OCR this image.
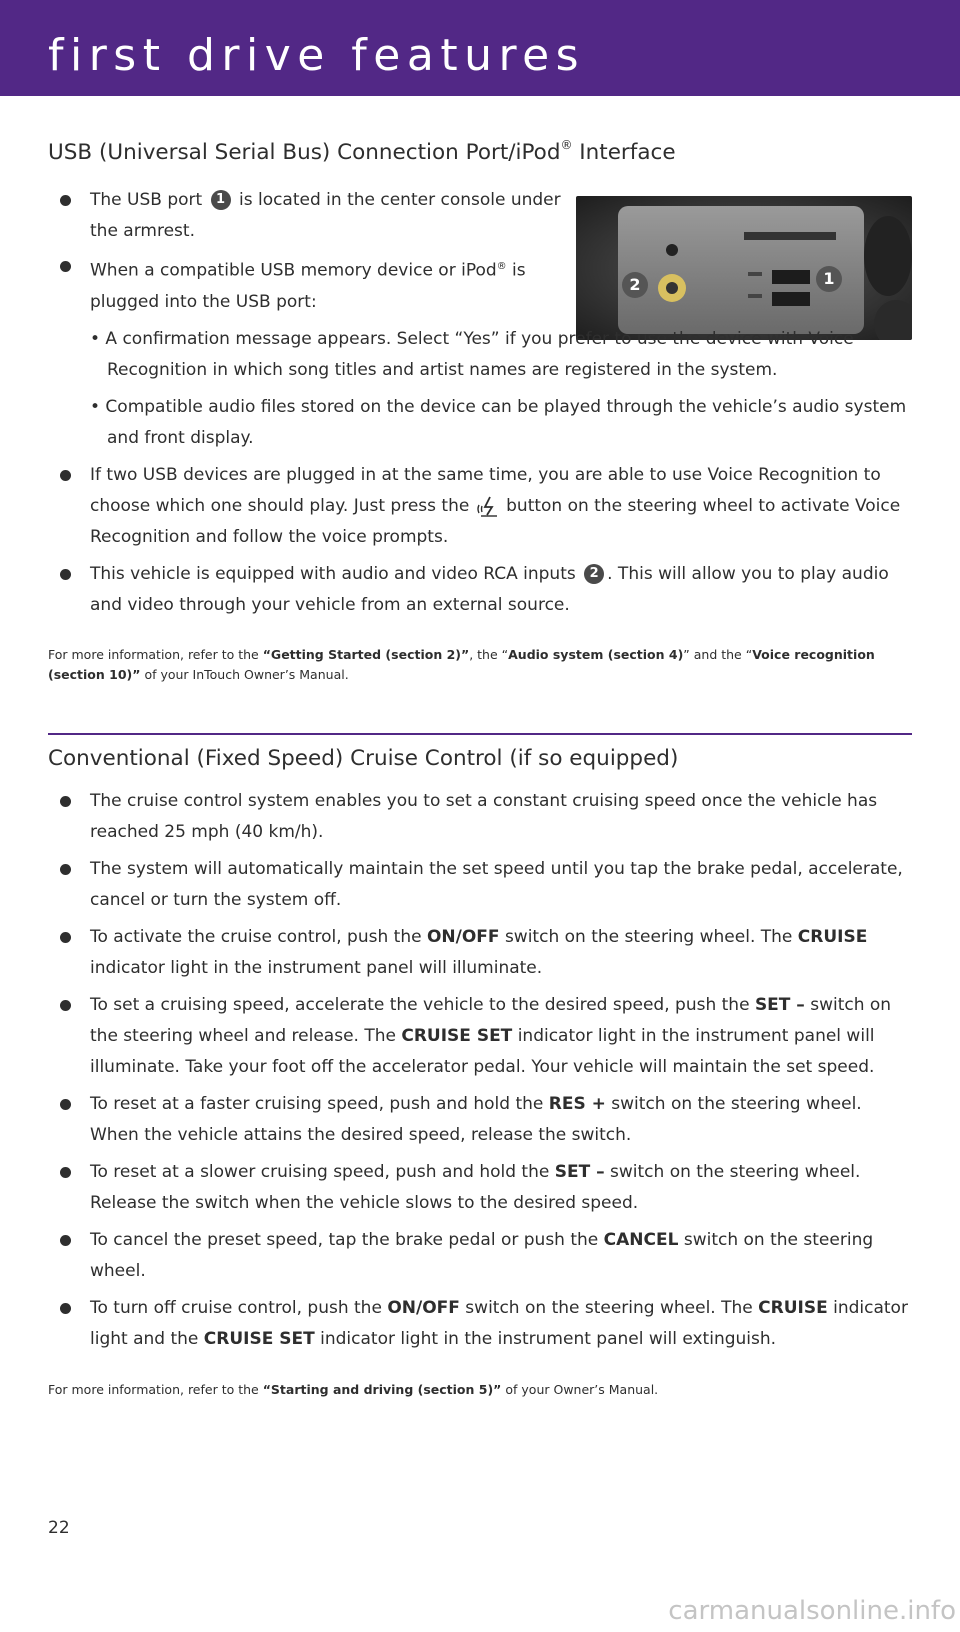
first drive features
USB (Universal Serial Bus) Connection Port/iPod® Interface
1
2
The USB port 1 is located in the center console under the armrest.
When a compatible USB memory device or iPod® is plugged into the USB port:
• A confirmation message appears. Select “Yes” if you prefer to use the device with Voice Recognition in which song titles and artist names are registered in the system.
• Compatible audio files stored on the device can be played through the vehicle’s audio system and front display.
If two USB devices are plugged in at the same time, you are able to use Voice Recognition to choose which one should play. Just press the  button on the steering wheel to activate Voice Recognition and follow the voice prompts.
This vehicle is equipped with audio and video RCA inputs 2 . This will allow you to play audio and video through your vehicle from an external source.
For more information, refer to the “Getting Started (section 2)”, the “Audio system (section 4)” and the “Voice recognition (section 10)” of your InTouch Owner’s Manual.
Conventional (Fixed Speed) Cruise Control (if so equipped)
The cruise control system enables you to set a constant cruising speed once the vehicle has reached 25 mph (40 km/h).
The system will automatically maintain the set speed until you tap the brake pedal, accelerate, cancel or turn the system off.
To activate the cruise control, push the ON/OFF switch on the steering wheel. The CRUISE indicator light in the instrument panel will illuminate.
To set a cruising speed, accelerate the vehicle to the desired speed, push the SET – switch on the steering wheel and release. The CRUISE SET indicator light in the instrument panel will illuminate. Take your foot off the accelerator pedal. Your vehicle will maintain the set speed.
To reset at a faster cruising speed, push and hold the RES + switch on the steering wheel. When the vehicle attains the desired speed, release the switch.
To reset at a slower cruising speed, push and hold the SET – switch on the steering wheel. Release the switch when the vehicle slows to the desired speed.
To cancel the preset speed, tap the brake pedal or push the CANCEL switch on the steering wheel.
To turn off cruise control, push the ON/OFF switch on the steering wheel. The CRUISE indicator light and the CRUISE SET indicator light in the instrument panel will extinguish.
For more information, refer to the “Starting and driving (section 5)” of your Owner’s Manual.
22
carmanualsonline.info
